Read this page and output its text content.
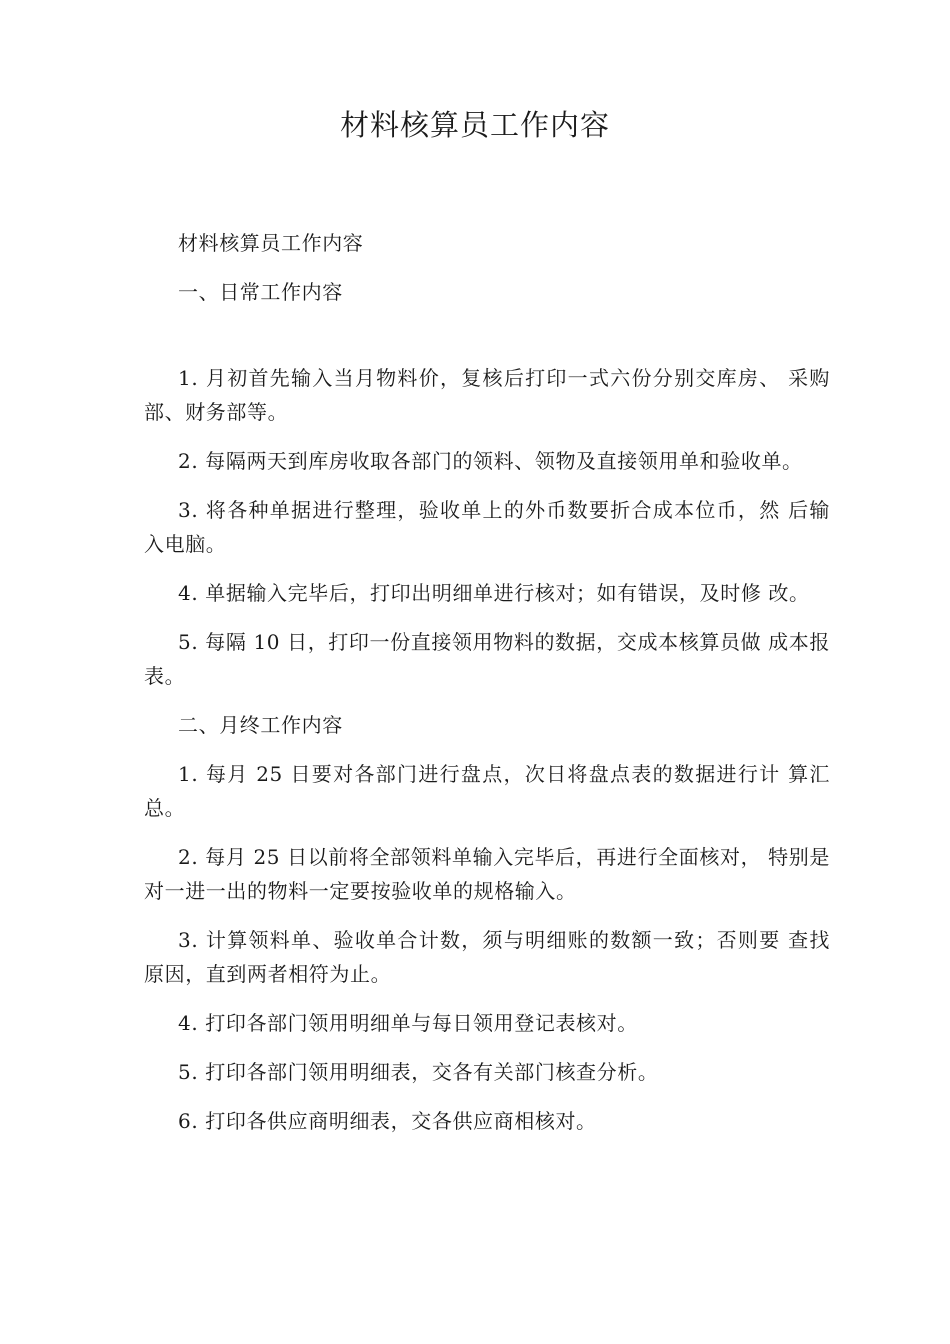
材料核算员工作内容

材料核算员工作内容

一、日常工作内容

1. 月初首先输入当月物料价，复核后打印一式六份分别交库房、 采购部、财务部等。

2. 每隔两天到库房收取各部门的领料、领物及直接领用单和验收单。

3. 将各种单据进行整理，验收单上的外币数要折合成本位币，然 后输入电脑。

4. 单据输入完毕后，打印出明细单进行核对；如有错误，及时修 改。

5. 每隔 10 日，打印一份直接领用物料的数据，交成本核算员做 成本报表。

二、月终工作内容

1. 每月 25 日要对各部门进行盘点，次日将盘点表的数据进行计 算汇总。

2. 每月 25 日以前将全部领料单输入完毕后，再进行全面核对， 特别是对一进一出的物料一定要按验收单的规格输入。

3. 计算领料单、验收单合计数，须与明细账的数额一致；否则要 查找原因，直到两者相符为止。

4. 打印各部门领用明细单与每日领用登记表核对。

5. 打印各部门领用明细表，交各有关部门核查分析。

6. 打印各供应商明细表，交各供应商相核对。
